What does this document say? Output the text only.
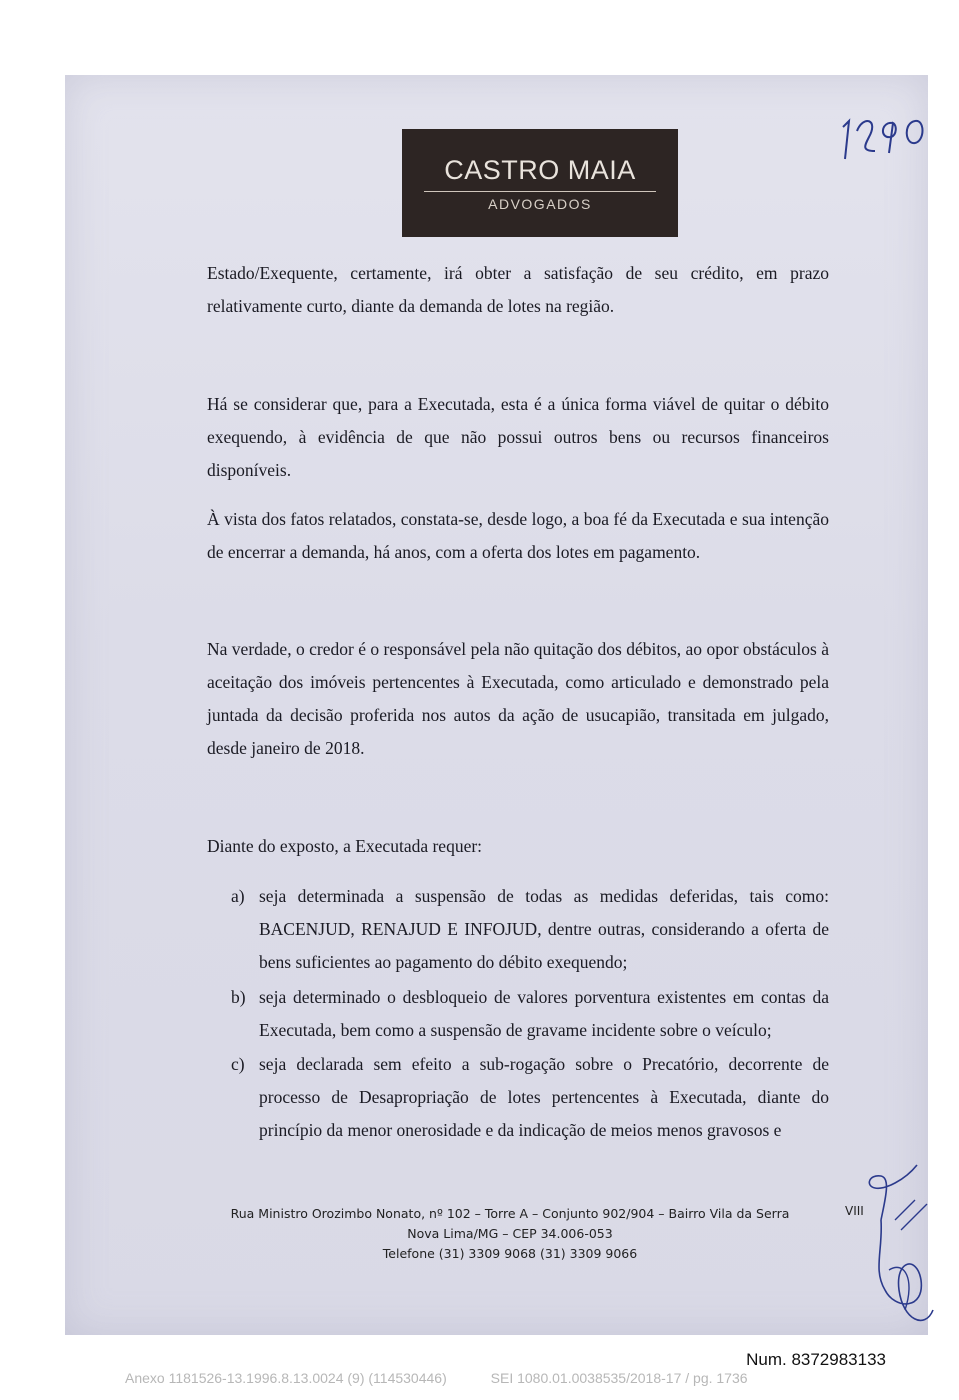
CASTRO MAIA
ADVOGADOS

Estado/Exequente, certamente, irá obter a satisfação de seu crédito, em prazo relativamente curto, diante da demanda de lotes na região.

Há se considerar que, para a Executada, esta é a única forma viável de quitar o débito exequendo, à evidência de que não possui outros bens ou recursos financeiros disponíveis.

À vista dos fatos relatados, constata-se, desde logo, a boa fé da Executada e sua intenção de encerrar a demanda, há anos, com a oferta dos lotes em pagamento.

Na verdade, o credor é o responsável pela não quitação dos débitos, ao opor obstáculos à aceitação dos imóveis pertencentes à Executada, como articulado e demonstrado pela juntada da decisão proferida nos autos da ação de usucapião, transitada em julgado, desde janeiro de 2018.

Diante do exposto, a Executada requer:

a) seja determinada a suspensão de todas as medidas deferidas, tais como: BACENJUD, RENAJUD E INFOJUD, dentre outras, considerando a oferta de bens suficientes ao pagamento do débito exequendo;
b) seja determinado o desbloqueio de valores porventura existentes em contas da Executada, bem como a suspensão de gravame incidente sobre o veículo;
c) seja declarada sem efeito a sub-rogação sobre o Precatório, decorrente de processo de Desapropriação de lotes pertencentes à Executada, diante do princípio da menor onerosidade e da indicação de meios menos gravosos e
Rua Ministro Orozimbo Nonato, nº 102 – Torre A – Conjunto 902/904 – Bairro Vila da Serra
Nova Lima/MG – CEP 34.006-053
Telefone (31) 3309 9068 (31) 3309 9066
VIII
Num. 8372983133
Anexo 1181526-13.1996.8.13.0024 (9) (114530446)	SEI 1080.01.0038535/2018-17 / pg. 1736
